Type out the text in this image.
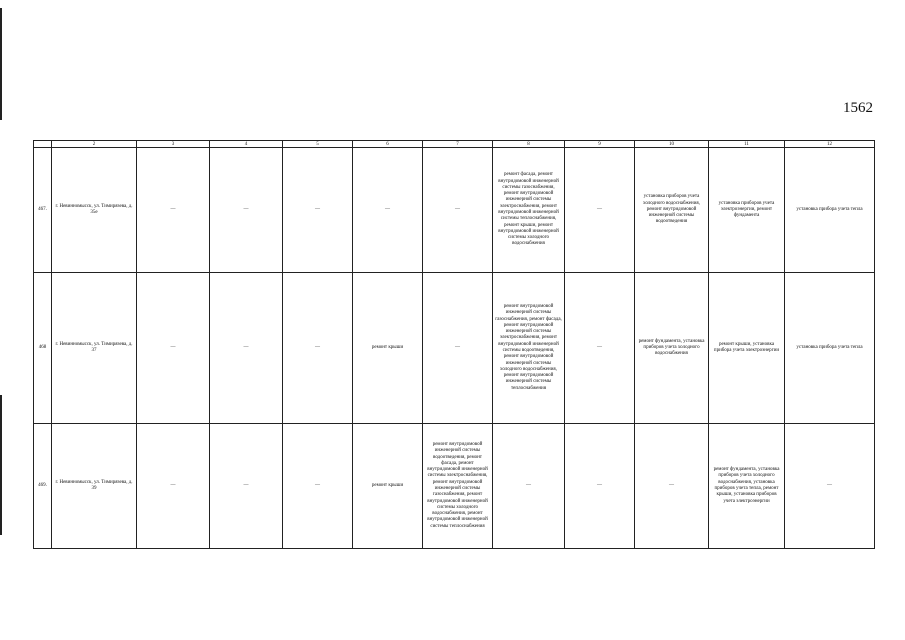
1562
	2	3	4	5	6	7	8	9	10	11	12
467.	г. Невинномысск, ул. Тимирязева, д. 35е	—	—	—	—	—	ремонт фасада, ремонт внутридомовой инженерной системы газоснабжения, ремонт внутридомовой инженерной системы электроснабжения, ремонт внутридомовой инженерной системы теплоснабжения, ремонт крыши, ремонт внутридомовой инженерной системы холодного водоснабжения	—	установка приборов учета холодного водоснабжения, ремонт внутридомовой инженерной системы водоотведения	установка приборов учета электроэнергии, ремонт фундамента	установка прибора учета тепла
468	г. Невинномысск, ул. Тимирязева, д. 37	—	—	—	ремонт крыши	—	ремонт внутридомовой инженерной системы газоснабжения, ремонт фасада, ремонт внутридомовой инженерной системы электроснабжения, ремонт внутридомовой инженерной системы водоотведения, ремонт внутридомовой инженерной системы холодного водоснабжения, ремонт внутридомовой инженерной системы теплоснабжения	—	ремонт фундамента, установка приборов учета холодного водоснабжения	ремонт крыши, установка прибора учета электроэнергии	установка прибора учета тепла
469.	г. Невинномысск, ул. Тимирязева, д. 39	—	—	—	ремонт крыши	ремонт внутридомовой инженерной системы водоотведения, ремонт фасада, ремонт внутридомовой инженерной системы электроснабжения, ремонт внутридомовой инженерной системы газоснабжения, ремонт внутридомовой инженерной системы холодного водоснабжения, ремонт внутридомовой инженерной системы теплоснабжения	—	—	—	ремонт фундамента, установка приборов учета холодного водоснабжения, установка приборов учета тепла, ремонт крыши, установка приборов учета электроэнергии	—
